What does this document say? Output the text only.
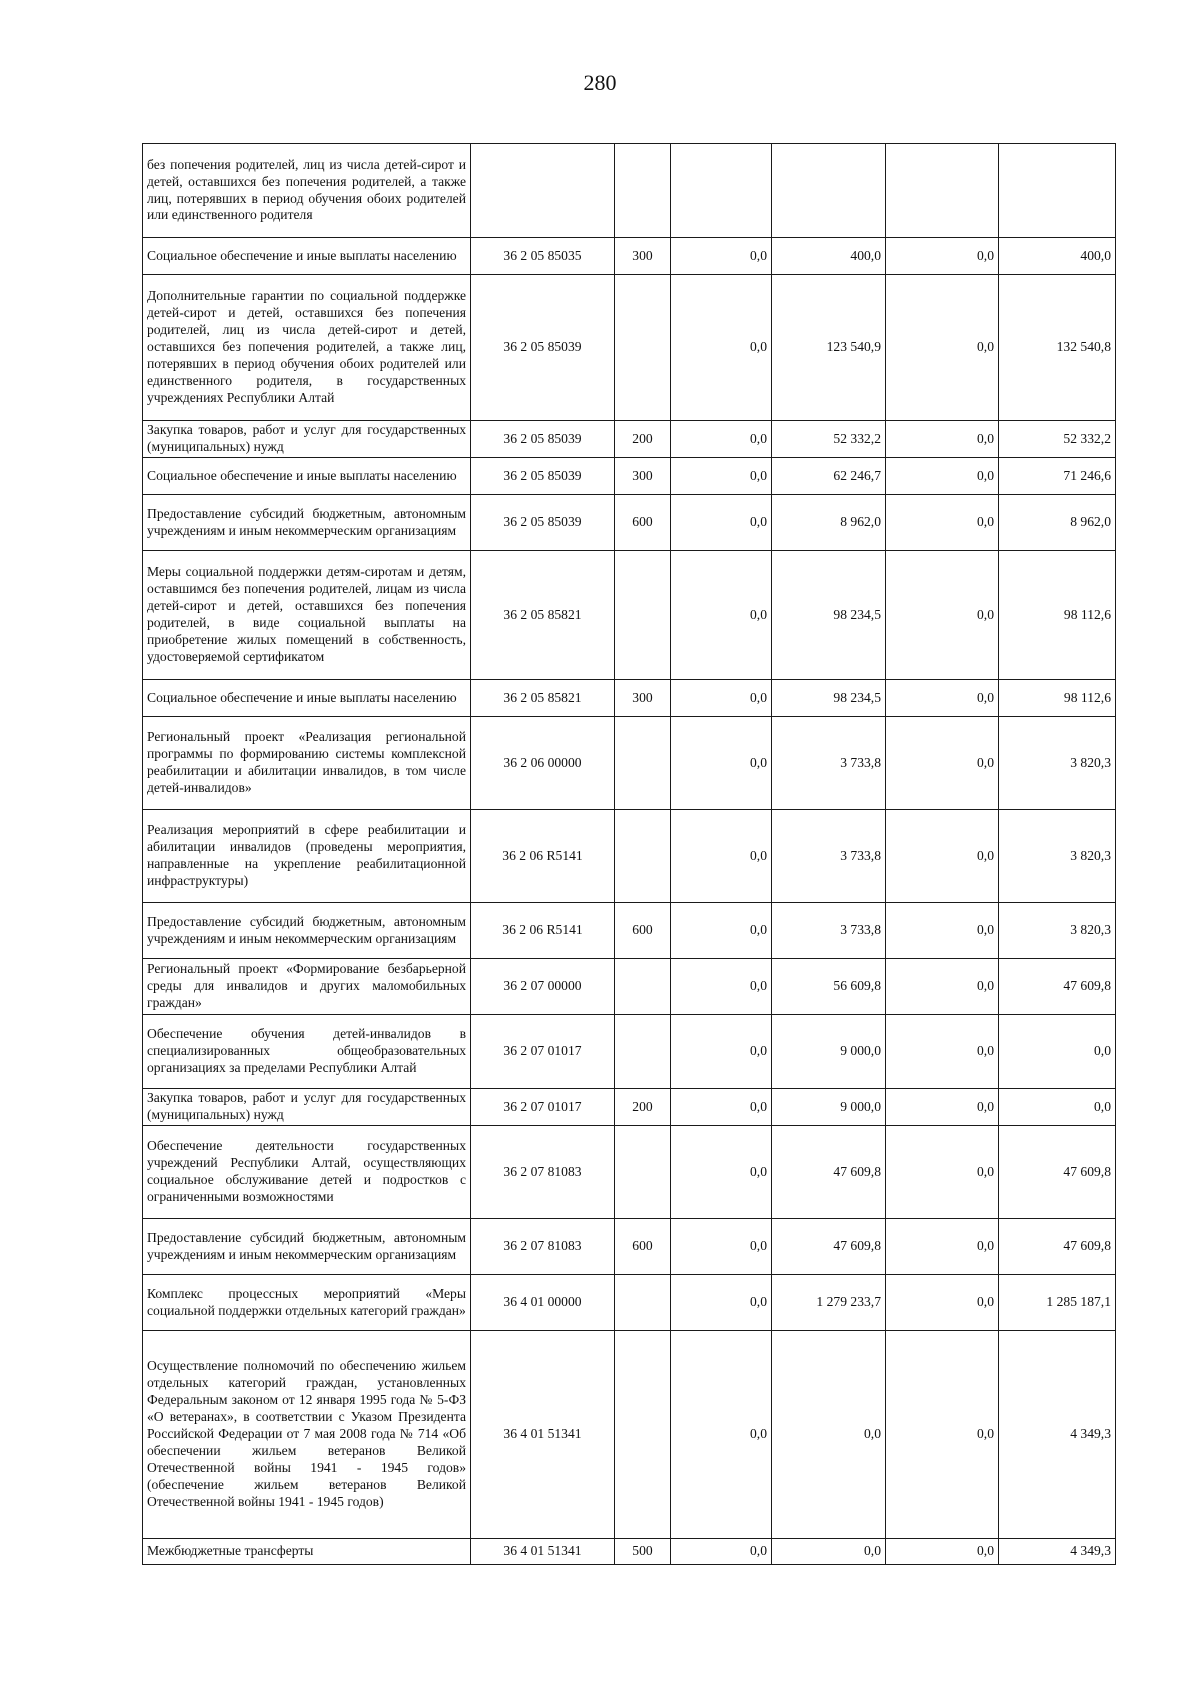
280
без попечения родителей, лиц из числа детей-сирот и детей, оставшихся без попечения родителей, а также лиц, потерявших в период обучения обоих родителей или единственного родителя						
Социальное обеспечение и иные выплаты населению	36 2 05 85035	300	0,0	400,0	0,0	400,0
Дополнительные гарантии по социальной поддержке детей-сирот и детей, оставшихся без попечения родителей, лиц из числа детей-сирот и детей, оставшихся без попечения родителей, а также лиц, потерявших в период обучения обоих родителей или единственного родителя, в государственных учреждениях Республики Алтай	36 2 05 85039		0,0	123 540,9	0,0	132 540,8
Закупка товаров, работ и услуг для государственных (муниципальных) нужд	36 2 05 85039	200	0,0	52 332,2	0,0	52 332,2
Социальное обеспечение и иные выплаты населению	36 2 05 85039	300	0,0	62 246,7	0,0	71 246,6
Предоставление субсидий бюджетным, автономным учреждениям и иным некоммерческим организациям	36 2 05 85039	600	0,0	8 962,0	0,0	8 962,0
Меры социальной поддержки детям-сиротам и детям, оставшимся без попечения родителей, лицам из числа детей-сирот и детей, оставшихся без попечения родителей, в виде социальной выплаты на приобретение жилых помещений в собственность, удостоверяемой сертификатом	36 2 05 85821		0,0	98 234,5	0,0	98 112,6
Социальное обеспечение и иные выплаты населению	36 2 05 85821	300	0,0	98 234,5	0,0	98 112,6
Региональный проект «Реализация региональной программы по формированию системы комплексной реабилитации и абилитации инвалидов, в том числе детей-инвалидов»	36 2 06 00000		0,0	3 733,8	0,0	3 820,3
Реализация мероприятий в сфере реабилитации и абилитации инвалидов (проведены мероприятия, направленные на укрепление реабилитационной инфраструктуры)	36 2 06 R5141		0,0	3 733,8	0,0	3 820,3
Предоставление субсидий бюджетным, автономным учреждениям и иным некоммерческим организациям	36 2 06 R5141	600	0,0	3 733,8	0,0	3 820,3
Региональный проект «Формирование безбарьерной среды для инвалидов и других маломобильных граждан»	36 2 07 00000		0,0	56 609,8	0,0	47 609,8
Обеспечение обучения детей-инвалидов в специализированных общеобразовательных организациях за пределами Республики Алтай	36 2 07 01017		0,0	9 000,0	0,0	0,0
Закупка товаров, работ и услуг для государственных (муниципальных) нужд	36 2 07 01017	200	0,0	9 000,0	0,0	0,0
Обеспечение деятельности государственных учреждений Республики Алтай, осуществляющих социальное обслуживание детей и подростков с ограниченными возможностями	36 2 07 81083		0,0	47 609,8	0,0	47 609,8
Предоставление субсидий бюджетным, автономным учреждениям и иным некоммерческим организациям	36 2 07 81083	600	0,0	47 609,8	0,0	47 609,8
Комплекс процессных мероприятий «Меры социальной поддержки отдельных категорий граждан»	36 4 01 00000		0,0	1 279 233,7	0,0	1 285 187,1
Осуществление полномочий по обеспечению жильем отдельных категорий граждан, установленных Федеральным законом от 12 января 1995 года № 5-ФЗ «О ветеранах», в соответствии с Указом Президента Российской Федерации от 7 мая 2008 года № 714 «Об обеспечении жильем ветеранов Великой Отечественной войны 1941 - 1945 годов» (обеспечение жильем ветеранов Великой Отечественной войны 1941 - 1945 годов)	36 4 01 51341		0,0	0,0	0,0	4 349,3
Межбюджетные трансферты	36 4 01 51341	500	0,0	0,0	0,0	4 349,3
